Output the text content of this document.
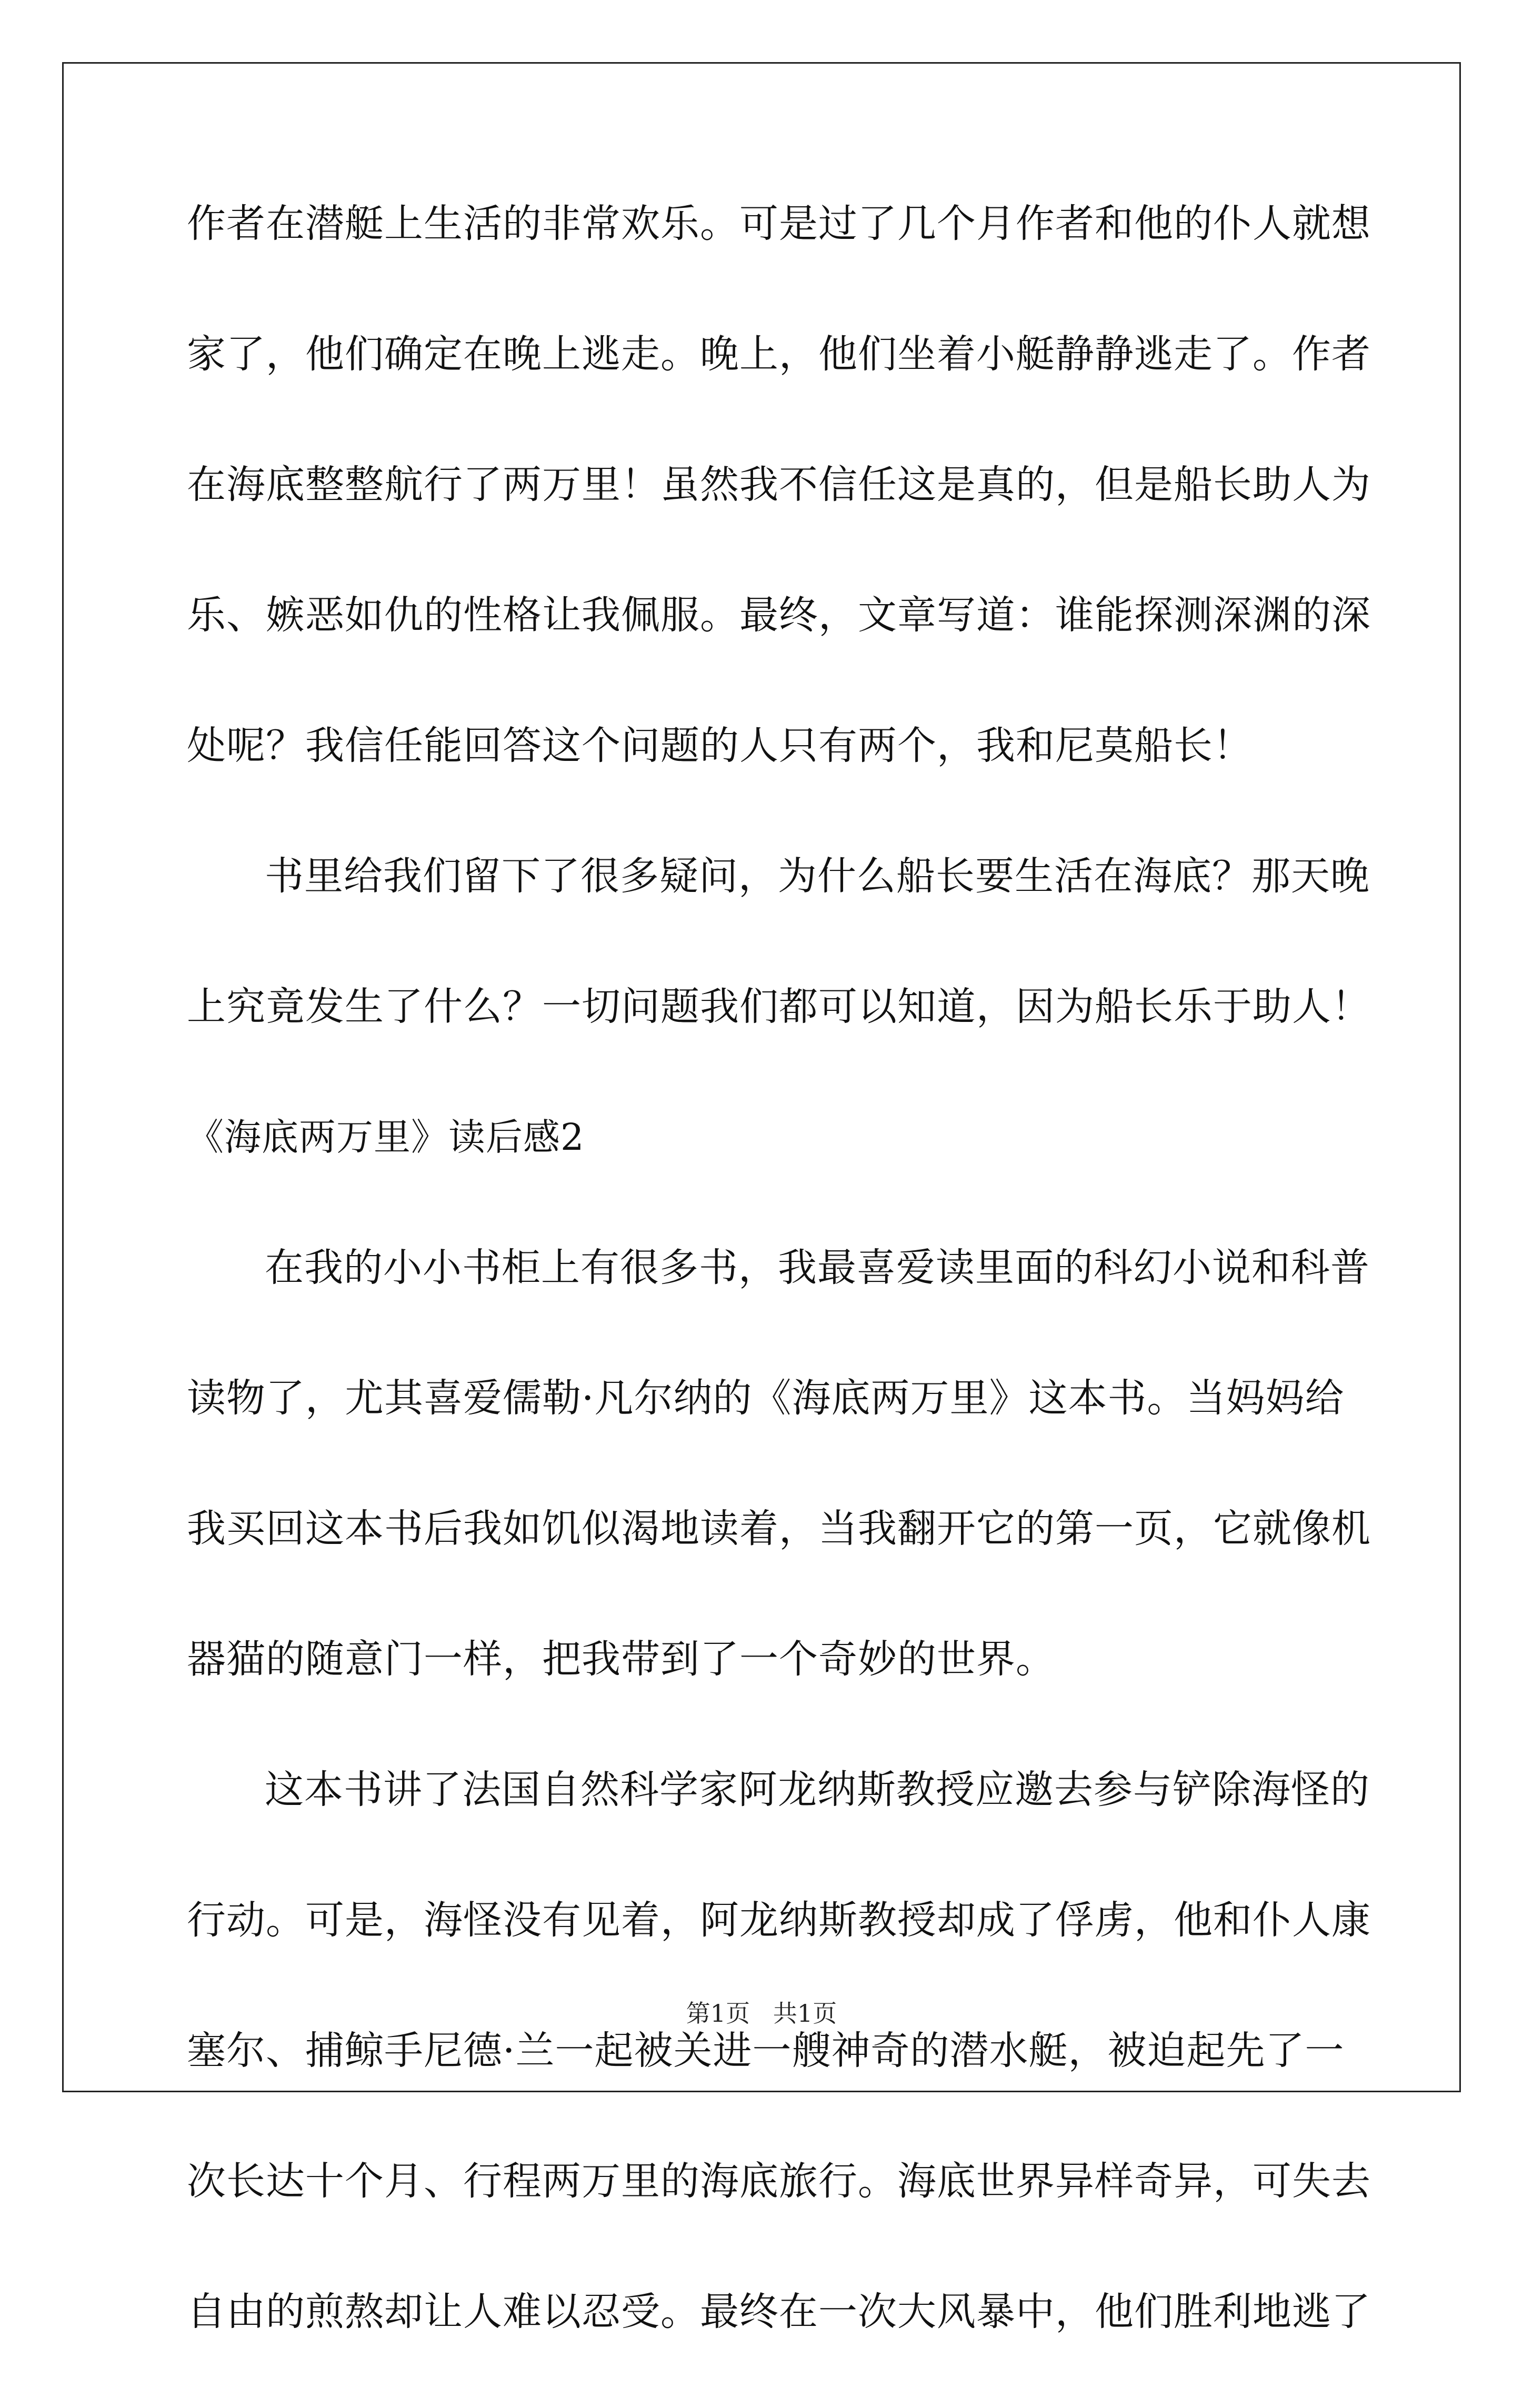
作者在潜艇上生活的非常欢乐。可是过了几个月作者和他的仆人就想
家了，他们确定在晚上逃走。晚上，他们坐着小艇静静逃走了。作者
在海底整整航行了两万里！虽然我不信任这是真的，但是船长助人为
乐、嫉恶如仇的性格让我佩服。最终，文章写道：谁能探测深渊的深
处呢？我信任能回答这个问题的人只有两个，我和尼莫船长！
书里给我们留下了很多疑问，为什么船长要生活在海底？那天晚
上究竟发生了什么？一切问题我们都可以知道，因为船长乐于助人！
《海底两万里》读后感2
在我的小小书柜上有很多书，我最喜爱读里面的科幻小说和科普
读物了，尤其喜爱儒勒·凡尔纳的《海底两万里》这本书。当妈妈给
我买回这本书后我如饥似渴地读着，当我翻开它的第一页，它就像机
器猫的随意门一样，把我带到了一个奇妙的世界。
这本书讲了法国自然科学家阿龙纳斯教授应邀去参与铲除海怪的
行动。可是，海怪没有见着，阿龙纳斯教授却成了俘虏，他和仆人康
塞尔、捕鲸手尼德·兰一起被关进一艘神奇的潜水艇，被迫起先了一
次长达十个月、行程两万里的海底旅行。海底世界异样奇异，可失去
自由的煎熬却让人难以忍受。最终在一次大风暴中，他们胜利地逃了
第1页   共1页
